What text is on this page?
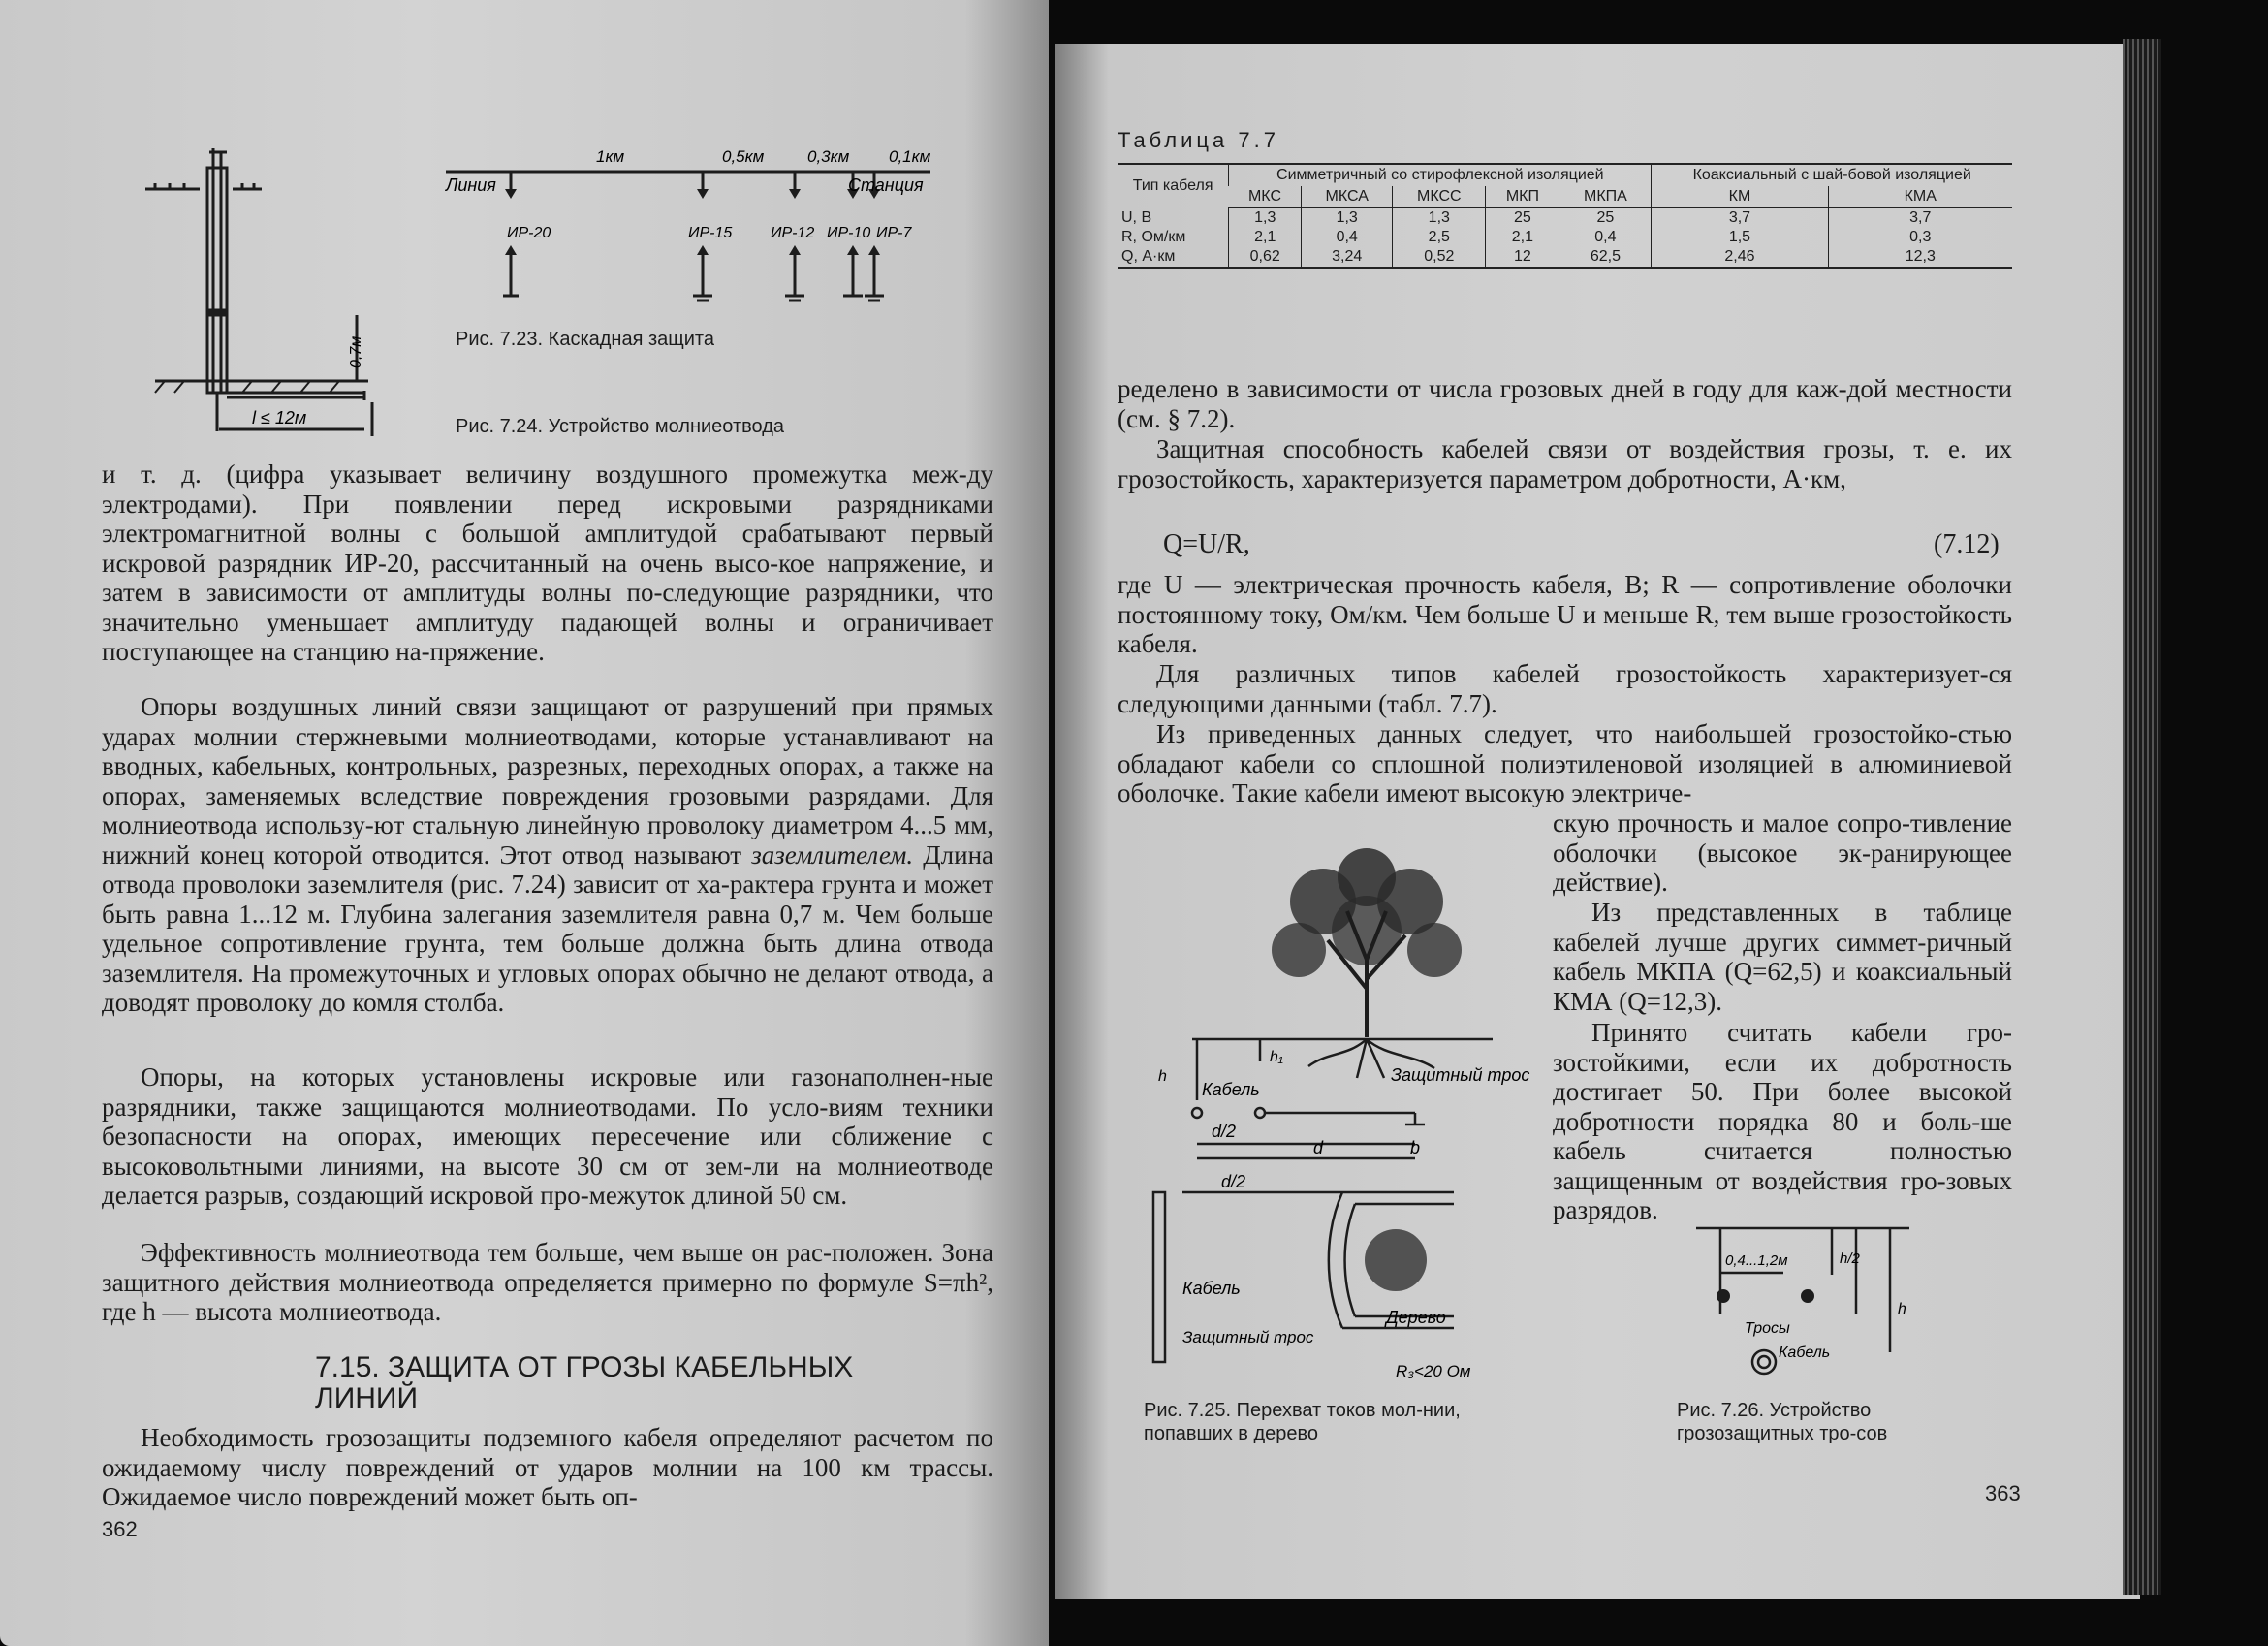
0,7м
l ≤ 12м
1км	0,5км	0,3км 0,1км
Линия	Станция
ИР-20	ИР-15 ИР-12 ИР-10 ИР-7
Рис. 7.23. Каскадная защита
Рис. 7.24. Устройство молниеотвода

и т. д. (цифра указывает величину воздушного промежутка меж-ду электродами). При появлении перед искровыми разрядниками электромагнитной волны с большой амплитудой срабатывают первый искровой разрядник ИР-20, рассчитанный на очень высо-кое напряжение, и затем в зависимости от амплитуды волны по-следующие разрядники, что значительно уменьшает амплитуду падающей волны и ограничивает поступающее на станцию на-пряжение.

Опоры воздушных линий связи защищают от разрушений при прямых ударах молнии стержневыми молниеотводами, которые устанавливают на вводных, кабельных, контрольных, разрезных, переходных опорах, а также на опорах, заменяемых вследствие повреждения грозовыми разрядами. Для молниеотвода использу-ют стальную линейную проволоку диаметром 4...5 мм, нижний конец которой отводится. Этот отвод называют заземлителем. Длина отвода проволоки заземлителя (рис. 7.24) зависит от ха-рактера грунта и может быть равна 1...12 м. Глубина залегания заземлителя равна 0,7 м. Чем больше удельное сопротивление грунта, тем больше должна быть длина отвода заземлителя. На промежуточных и угловых опорах обычно не делают отвода, а доводят проволоку до комля столба.

Опоры, на которых установлены искровые или газонаполнен-ные разрядники, также защищаются молниеотводами. По усло-виям техники безопасности на опорах, имеющих пересечение или сближение с высоковольтными линиями, на высоте 30 см от зем-ли на молниеотводе делается разрыв, создающий искровой про-межуток длиной 50 см.

Эффективность молниеотвода тем больше, чем выше он рас-положен. Зона защитного действия молниеотвода определяется примерно по формуле S=πh², где h — высота молниеотвода.

7.15. ЗАЩИТА ОТ ГРОЗЫ КАБЕЛЬНЫХ ЛИНИЙ

Необходимость грозозащиты подземного кабеля определяют расчетом по ожидаемому числу повреждений от ударов молнии на 100 км трассы. Ожидаемое число повреждений может быть оп-

362
Таблица 7.7
Тип кабеля	Симметричный со стирофлексной изоляцией					Коаксиальный с шай-бовой изоляцией	
	МКС	МКСА	МКСС	МКП	МКПА	КМ	КМА
U, В	1,3	1,3	1,3	25	25	3,7	3,7
R, Ом/км	2,1	0,4	2,5	2,1	0,4	1,5	0,3
Q, А·км	0,62	3,24	0,52	12	62,5	2,46	12,3

ределено в зависимости от числа грозовых дней в году для каж-дой местности (см. § 7.2).

Защитная способность кабелей связи от воздействия грозы, т. е. их грозостойкость, характеризуется параметром добротности, А·км,

Q=U/R,	(7.12)

где U — электрическая прочность кабеля, В; R — сопротивление оболочки постоянному току, Ом/км. Чем больше U и меньше R, тем выше грозостойкость кабеля.

Для различных типов кабелей грозостойкость характеризует-ся следующими данными (табл. 7.7).

Из приведенных данных следует, что наибольшей грозостойко-стью обладают кабели со сплошной полиэтиленовой изоляцией в алюминиевой оболочке. Такие кабели имеют высокую электриче-

скую прочность и малое сопро-тивление оболочки (высокое эк-ранирующее действие).

Из представленных в таблице кабелей лучше других симмет-ричный кабель МКПА (Q=62,5) и коаксиальный КМА (Q=12,3).

Принято считать кабели гро-зостойкими, если их добротность достигает 50. При более высокой добротности порядка 80 и боль-ше кабель считается полностью защищенным от воздействия гро-зовых разрядов.

h
h₁
Кабель
Защитный трос
d/2
d	b
d/2
Кабель
Дерево
Защитный трос
R₃<20 Ом
Рис. 7.25. Перехват токов мол-нии, попавших в дерево
0,4...1,2м	h/2
h
Тросы
Кабель
Рис. 7.26. Устройство грозозащитных тро-сов
363
